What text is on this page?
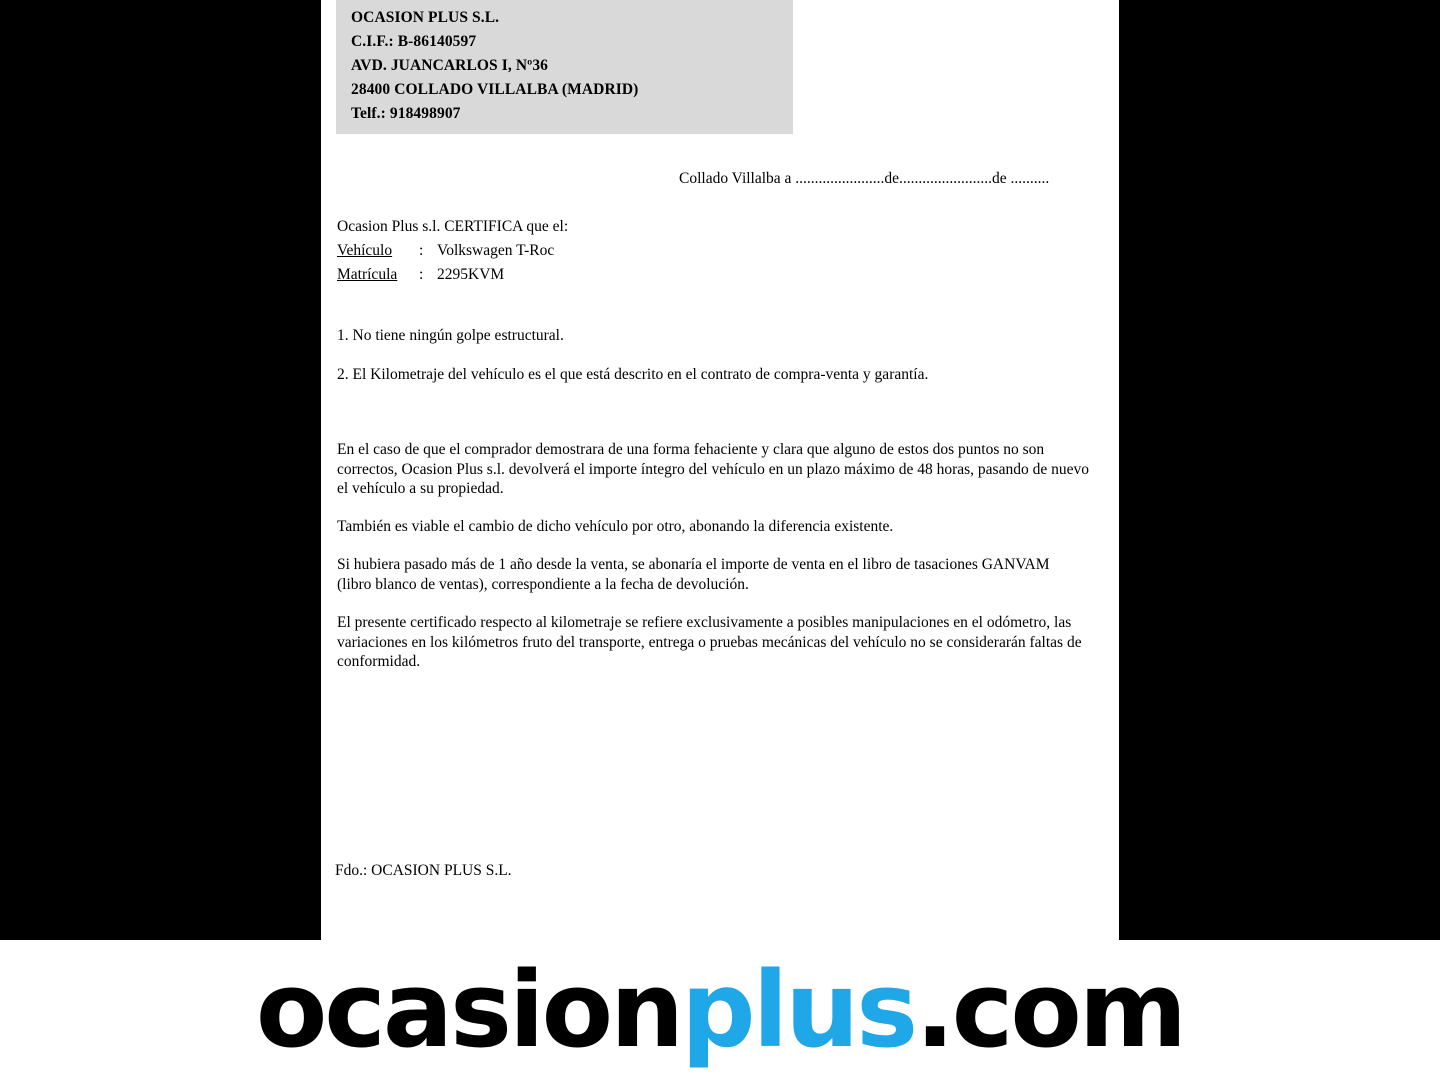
OCASION PLUS S.L.
C.I.F.: B-86140597
AVD. JUANCARLOS I, Nº36
28400 COLLADO VILLALBA (MADRID)
Telf.: 918498907
Collado Villalba a .......................de........................de ..........
Ocasion Plus s.l. CERTIFICA que el:
Vehículo	: Volkswagen T-Roc
Matrícula	: 2295KVM
1. No tiene ningún golpe estructural.
2. El Kilometraje del vehículo es el que está descrito en el contrato de compra-venta y garantía.
En el caso de que el comprador demostrara de una forma fehaciente y clara que alguno de estos dos puntos no son correctos, Ocasion Plus s.l. devolverá el importe íntegro del vehículo en un plazo máximo de 48 horas, pasando de nuevo el vehículo a su propiedad.
También es viable el cambio de dicho vehículo por otro, abonando la diferencia existente.
Si hubiera pasado más de 1 año desde la venta, se abonaría el importe de venta en el libro de tasaciones GANVAM (libro blanco de ventas), correspondiente a la fecha de devolución.
El presente certificado respecto al kilometraje se refiere exclusivamente a posibles manipulaciones en el odómetro, las variaciones en los kilómetros fruto del transporte, entrega o pruebas mecánicas del vehículo no se considerarán faltas de conformidad.
Fdo.: OCASION PLUS S.L.
ocasionplus.com
